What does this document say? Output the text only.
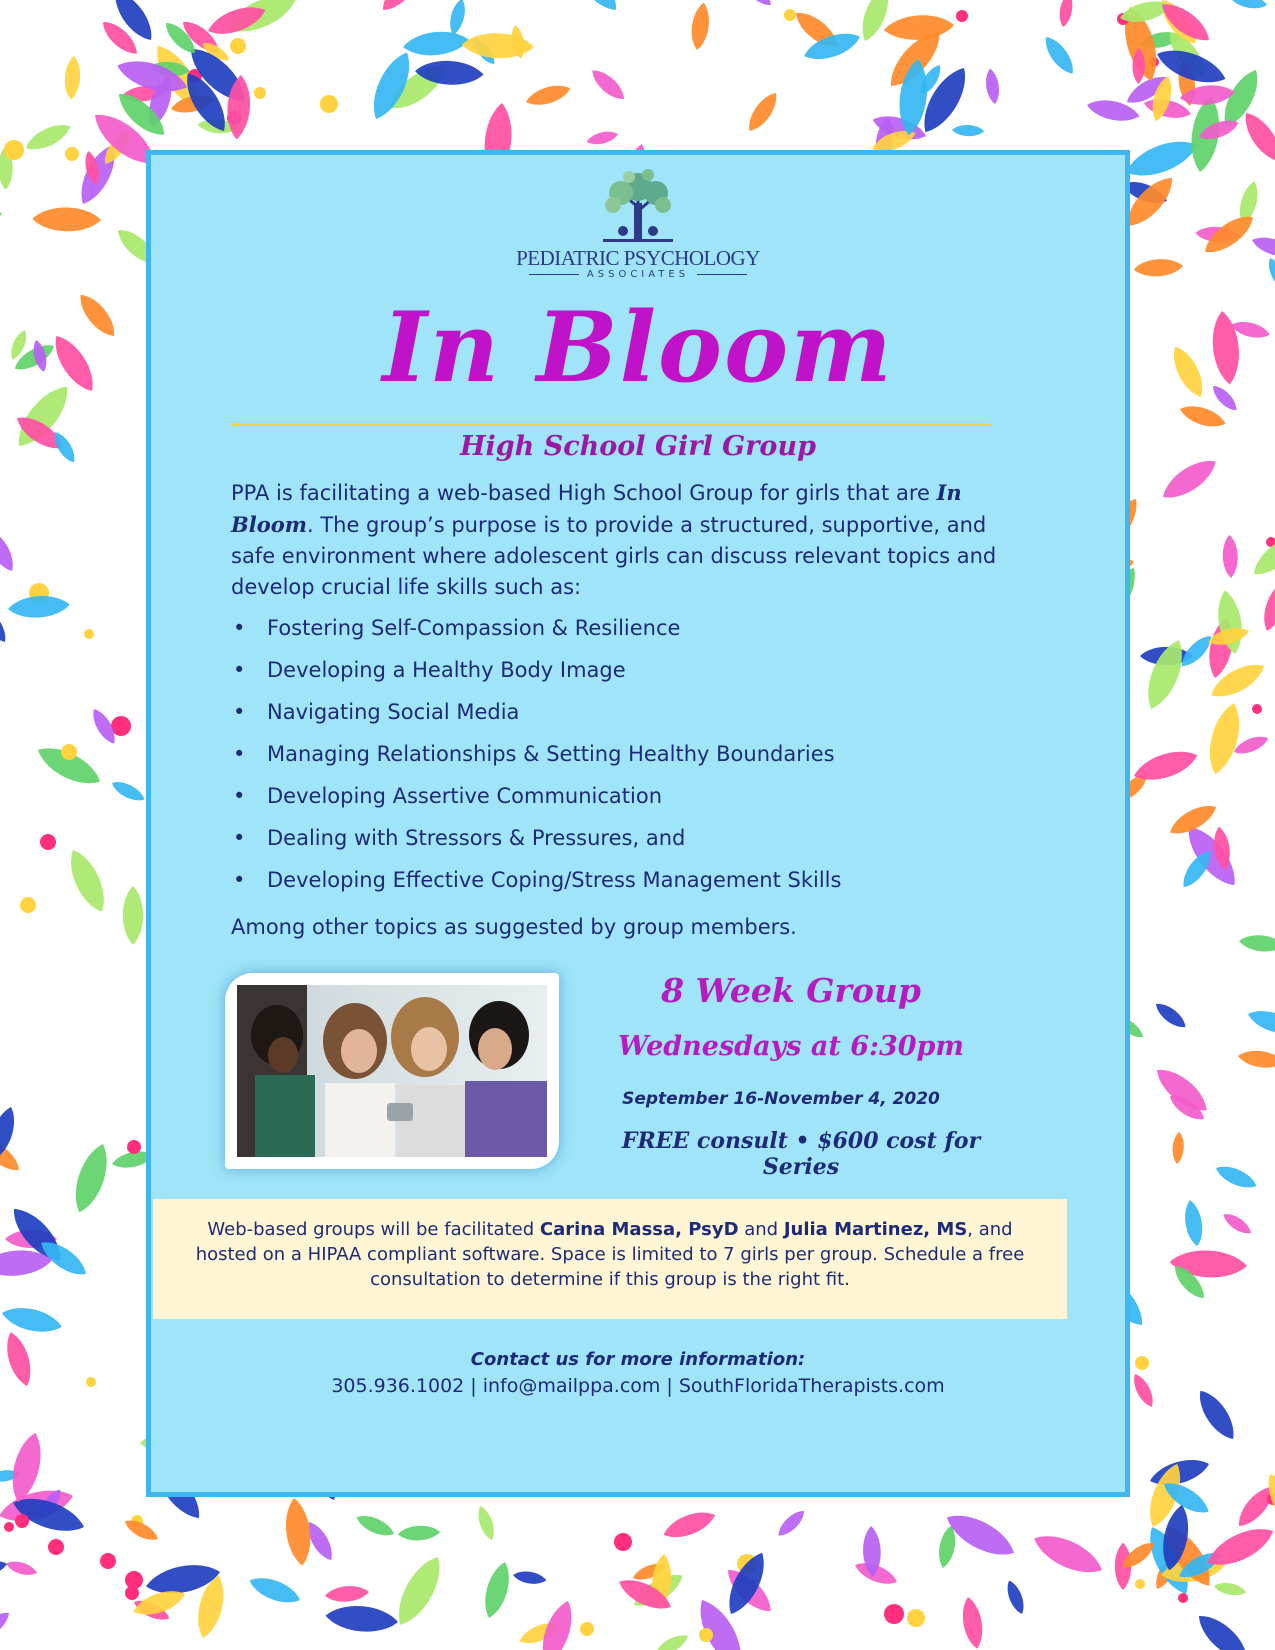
PEDIATRIC PSYCHOLOGY
ASSOCIATES
In Bloom
High School Girl Group
PPA is facilitating a web-based High School Group for girls that are In Bloom. The group’s purpose is to provide a structured, supportive, and safe environment where adolescent girls can discuss relevant topics and develop crucial life skills such as:
• Fostering Self-Compassion & Resilience
• Developing a Healthy Body Image
• Navigating Social Media
• Managing Relationships & Setting Healthy Boundaries
• Developing Assertive Communication
• Dealing with Stressors & Pressures, and
• Developing Effective Coping/Stress Management Skills
Among other topics as suggested by group members.
8 Week Group
Wednesdays at 6:30pm
September 16-November 4, 2020
FREE consult • $600 cost for Series
Web-based groups will be facilitated Carina Massa, PsyD and Julia Martinez, MS, and hosted on a HIPAA compliant software. Space is limited to 7 girls per group. Schedule a free consultation to determine if this group is the right fit.
Contact us for more information:
305.936.1002 | info@mailppa.com | SouthFloridaTherapists.com
